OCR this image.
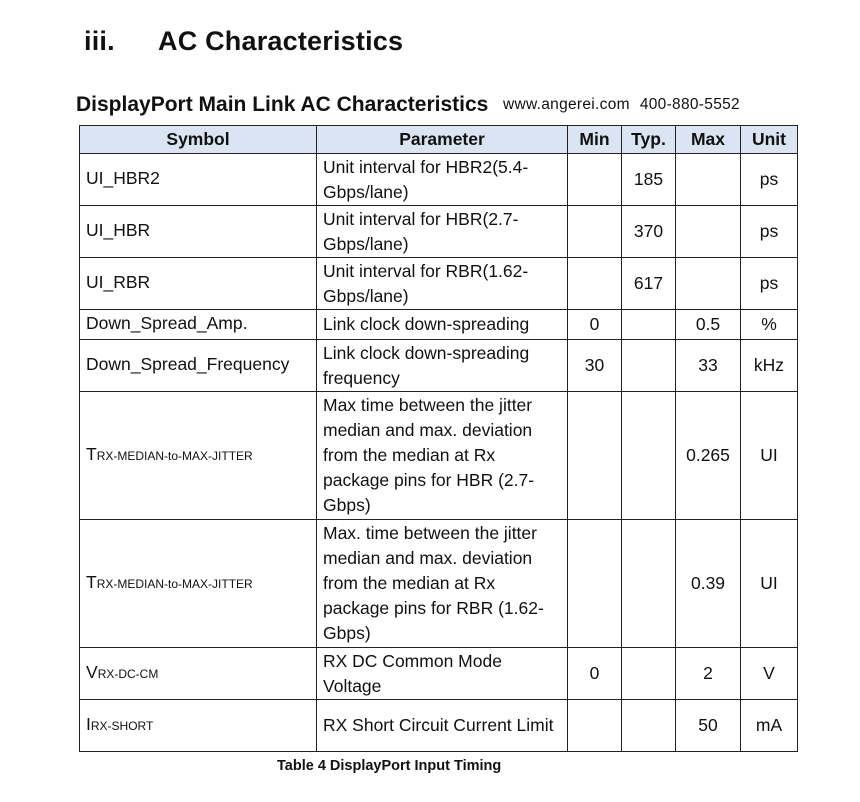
iii. AC Characteristics
DisplayPort Main Link AC Characteristics www.angerei.com 400-880-5552
Symbol	Parameter	Min	Typ.	Max	Unit
UI_HBR2	Unit interval for HBR2(5.4-Gbps/lane)		185		ps
UI_HBR	Unit interval for HBR(2.7-Gbps/lane)		370		ps
UI_RBR	Unit interval for RBR(1.62-Gbps/lane)		617		ps
Down_Spread_Amp.	Link clock down-spreading	0		0.5	%
Down_Spread_Frequency	Link clock down-spreading frequency	30		33	kHz
TRX-MEDIAN-to-MAX-JITTER	Max time between the jitter median and max. deviation from the median at Rx package pins for HBR (2.7-Gbps)			0.265	UI
TRX-MEDIAN-to-MAX-JITTER	Max. time between the jitter median and max. deviation from the median at Rx package pins for RBR (1.62-Gbps)			0.39	UI
VRX-DC-CM	RX DC Common Mode Voltage	0		2	V
IRX-SHORT	RX Short Circuit Current Limit			50	mA

Table 4 DisplayPort Input Timing
